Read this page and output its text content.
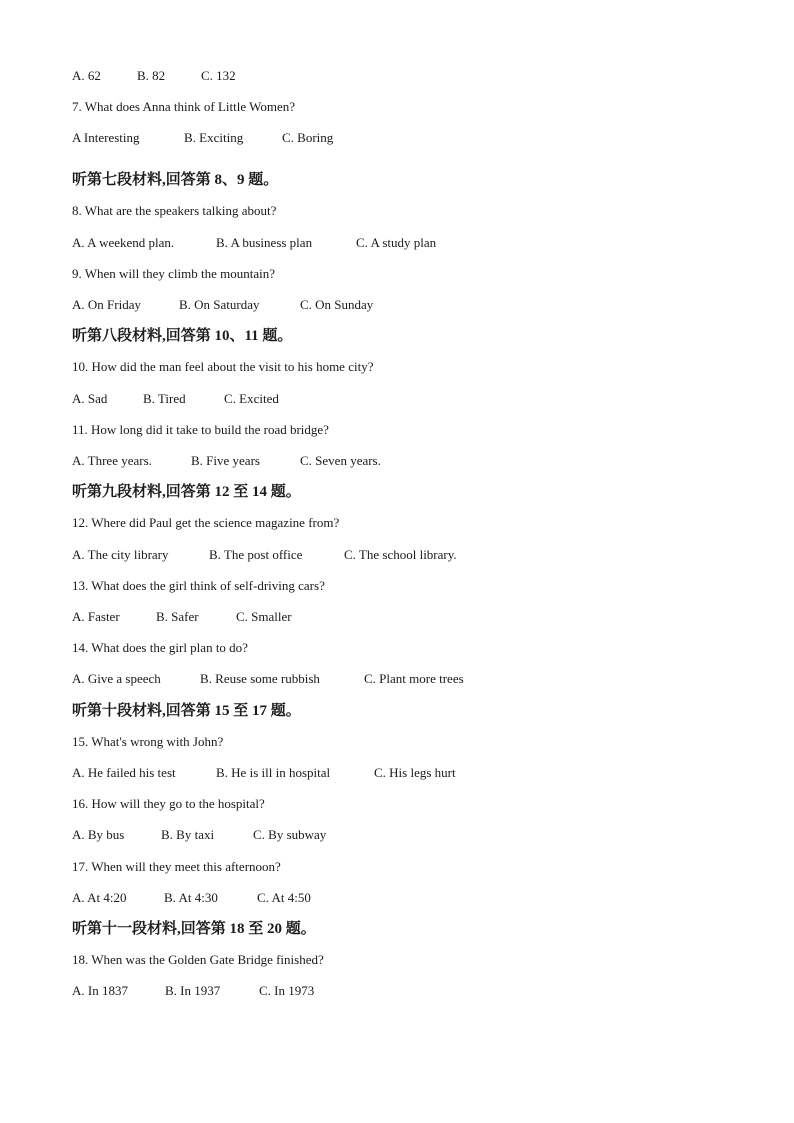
A. 62	B. 82	C. 132
7. What does Anna think of Little Women?
A Interesting	B. Exciting	C. Boring
听第七段材料,回答第 8、9 题。
8. What are the speakers talking about?
A. A weekend plan.	B. A business plan	C. A study plan
9. When will they climb the mountain?
A. On Friday	B. On Saturday	C. On Sunday
听第八段材料,回答第 10、11 题。
10. How did the man feel about the visit to his home city?
A. Sad	B. Tired	C. Excited
11. How long did it take to build the road bridge?
A. Three years.	B. Five years	C. Seven years.
听第九段材料,回答第 12 至 14 题。
12. Where did Paul get the science magazine from?
A. The city library	B. The post office	C. The school library.
13. What does the girl think of self-driving cars?
A. Faster	B. Safer	C. Smaller
14. What does the girl plan to do?
A. Give a speech	B. Reuse some rubbish	C. Plant more trees
听第十段材料,回答第 15 至 17 题。
15. What's wrong with John?
A. He failed his test	B. He is ill in hospital	C. His legs hurt
16. How will they go to the hospital?
A. By bus	B. By taxi	C. By subway
17. When will they meet this afternoon?
A. At 4:20	B. At 4:30	C. At 4:50
听第十一段材料,回答第 18 至 20 题。
18. When was the Golden Gate Bridge finished?
A. In 1837	B. In 1937	C. In 1973
